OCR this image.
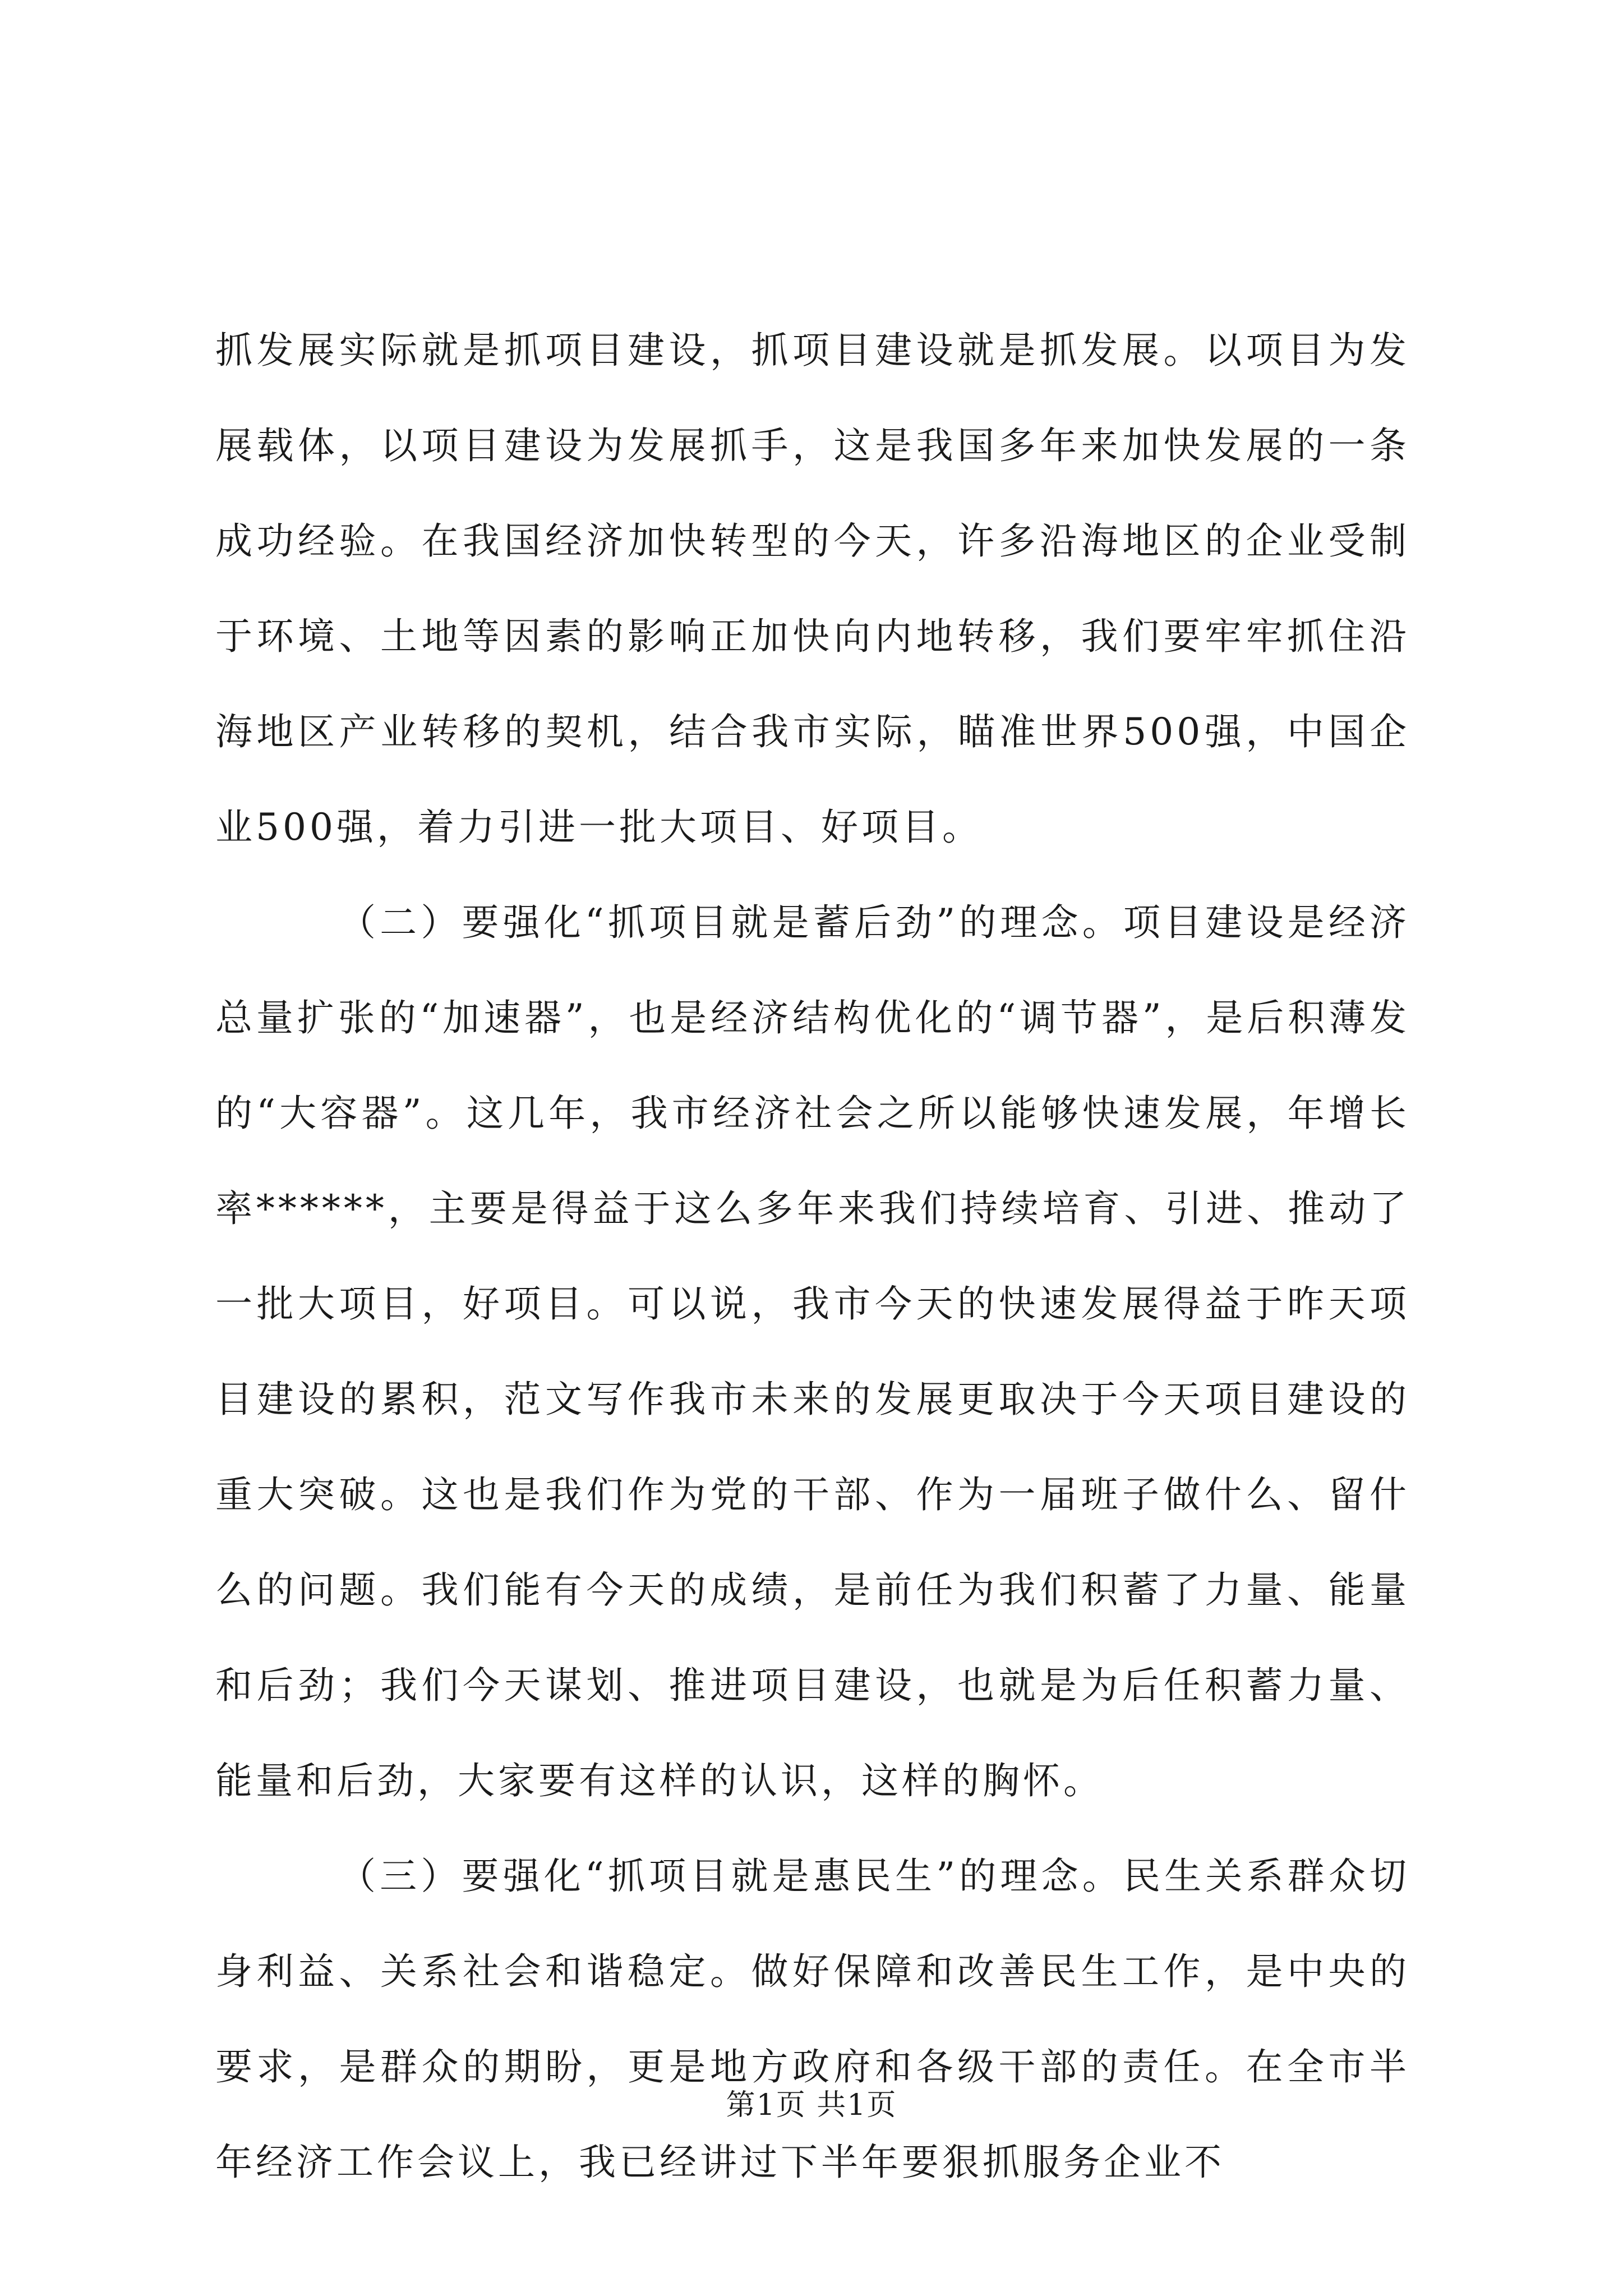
抓发展实际就是抓项目建设，抓项目建设就是抓发展。以项目为发展载体，以项目建设为发展抓手，这是我国多年来加快发展的一条成功经验。在我国经济加快转型的今天，许多沿海地区的企业受制于环境、土地等因素的影响正加快向内地转移，我们要牢牢抓住沿海地区产业转移的契机，结合我市实际，瞄准世界500强，中国企业500强，着力引进一批大项目、好项目。

（二）要强化“抓项目就是蓄后劲”的理念。项目建设是经济总量扩张的“加速器”，也是经济结构优化的“调节器”，是后积薄发的“大容器”。这几年，我市经济社会之所以能够快速发展，年增长率******，主要是得益于这么多年来我们持续培育、引进、推动了一批大项目，好项目。可以说，我市今天的快速发展得益于昨天项目建设的累积，范文写作我市未来的发展更取决于今天项目建设的重大突破。这也是我们作为党的干部、作为一届班子做什么、留什么的问题。我们能有今天的成绩，是前任为我们积蓄了力量、能量和后劲；我们今天谋划、推进项目建设，也就是为后任积蓄力量、能量和后劲，大家要有这样的认识，这样的胸怀。

（三）要强化“抓项目就是惠民生”的理念。民生关系群众切身利益、关系社会和谐稳定。做好保障和改善民生工作，是中央的要求，是群众的期盼，更是地方政府和各级干部的责任。在全市半年经济工作会议上，我已经讲过下半年要狠抓服务企业不

第1页 共1页
